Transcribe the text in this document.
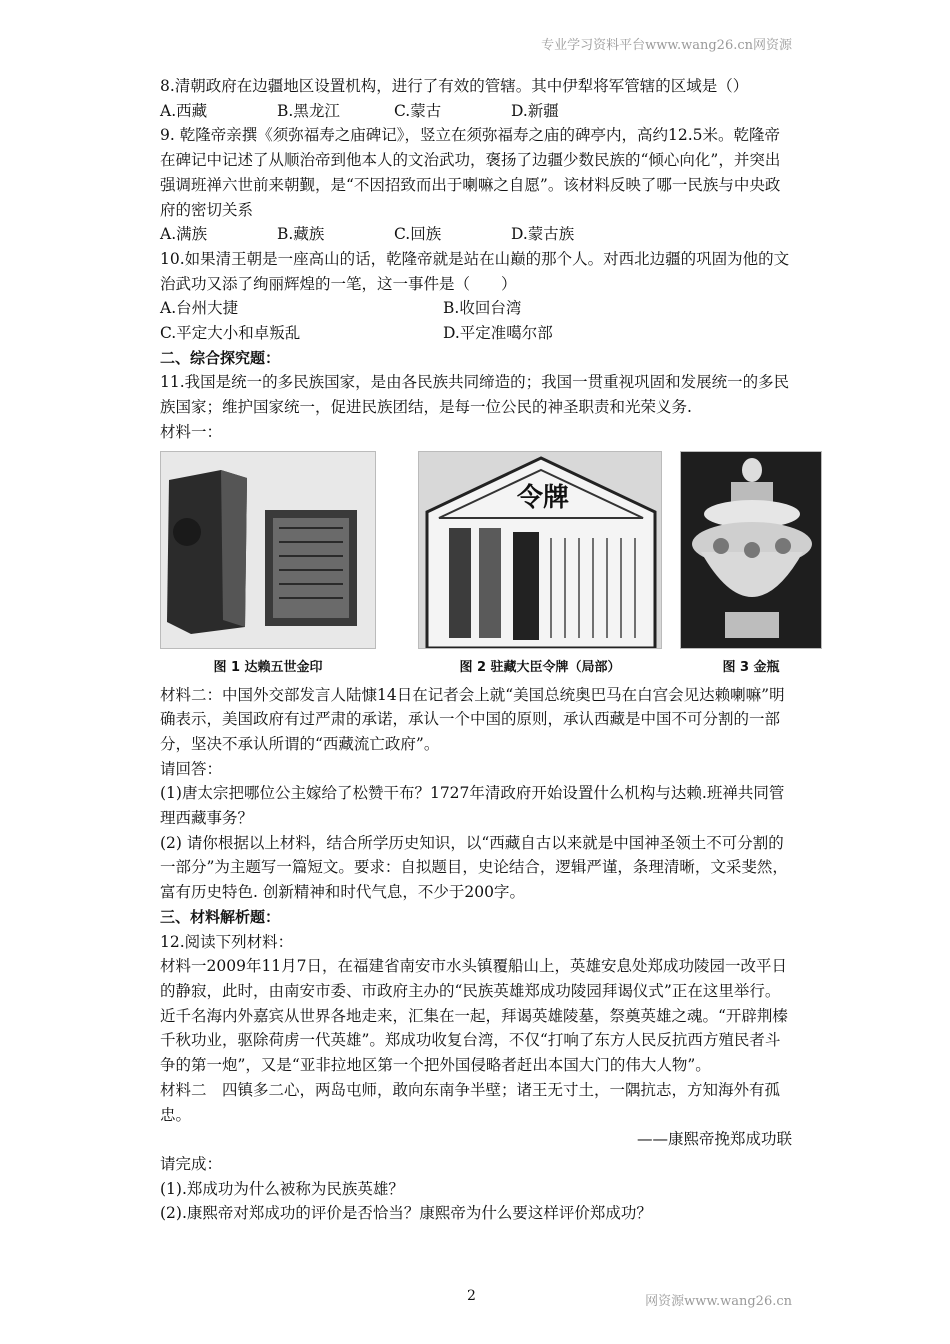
专业学习资料平台www.wang26.cn网资源

8.清朝政府在边疆地区设置机构，进行了有效的管辖。其中伊犁将军管辖的区域是（）

A.西藏	B.黑龙江	C.蒙古	D.新疆

9. 乾隆帝亲撰《须弥福寿之庙碑记》，竖立在须弥福寿之庙的碑亭内，高约12.5米。乾隆帝在碑记中记述了从顺治帝到他本人的文治武功，褒扬了边疆少数民族的“倾心向化”，并突出强调班禅六世前来朝觐，是“不因招致而出于喇嘛之自愿”。该材料反映了哪一民族与中央政府的密切关系

A.满族	B.藏族	C.回族	D.蒙古族

10.如果清王朝是一座高山的话，乾隆帝就是站在山巅的那个人。对西北边疆的巩固为他的文治武功又添了绚丽辉煌的一笔，这一事件是（　　）

A.台州大捷	B.收回台湾
C.平定大小和卓叛乱	D.平定准噶尔部

二、综合探究题：

11.我国是统一的多民族国家，是由各民族共同缔造的；我国一贯重视巩固和发展统一的多民族国家；维护国家统一，促进民族团结，是每一位公民的神圣职责和光荣义务.

材料一：

图 1 达赖五世金印
令牌
图 2 驻藏大臣令牌（局部）	图 3 金瓶

材料二：中国外交部发言人陆慷14日在记者会上就“美国总统奥巴马在白宫会见达赖喇嘛”明确表示，美国政府有过严肃的承诺，承认一个中国的原则，承认西藏是中国不可分割的一部分，坚决不承认所谓的“西藏流亡政府”。

请回答：

(1)唐太宗把哪位公主嫁给了松赞干布？1727年清政府开始设置什么机构与达赖.班禅共同管理西藏事务？

(2) 请你根据以上材料，结合所学历史知识，以“西藏自古以来就是中国神圣领土不可分割的一部分”为主题写一篇短文。要求：自拟题目，史论结合，逻辑严谨，条理清晰，文采斐然，富有历史特色. 创新精神和时代气息，不少于200字。

三、材料解析题：

12.阅读下列材料：

材料一2009年11月7日，在福建省南安市水头镇覆船山上，英雄安息处郑成功陵园一改平日的静寂，此时，由南安市委、市政府主办的“民族英雄郑成功陵园拜谒仪式”正在这里举行。近千名海内外嘉宾从世界各地走来，汇集在一起，拜谒英雄陵墓，祭奠英雄之魂。“开辟荆榛千秋功业，驱除荷虏一代英雄”。郑成功收复台湾，不仅“打响了东方人民反抗西方殖民者斗争的第一炮”，又是“亚非拉地区第一个把外国侵略者赶出本国大门的伟大人物”。

材料二　四镇多二心，两岛屯师，敢向东南争半壁；诸王无寸土，一隅抗志，方知海外有孤忠。

——康熙帝挽郑成功联

请完成：

(1).郑成功为什么被称为民族英雄？

(2).康熙帝对郑成功的评价是否恰当？康熙帝为什么要这样评价郑成功？

2	网资源www.wang26.cn
